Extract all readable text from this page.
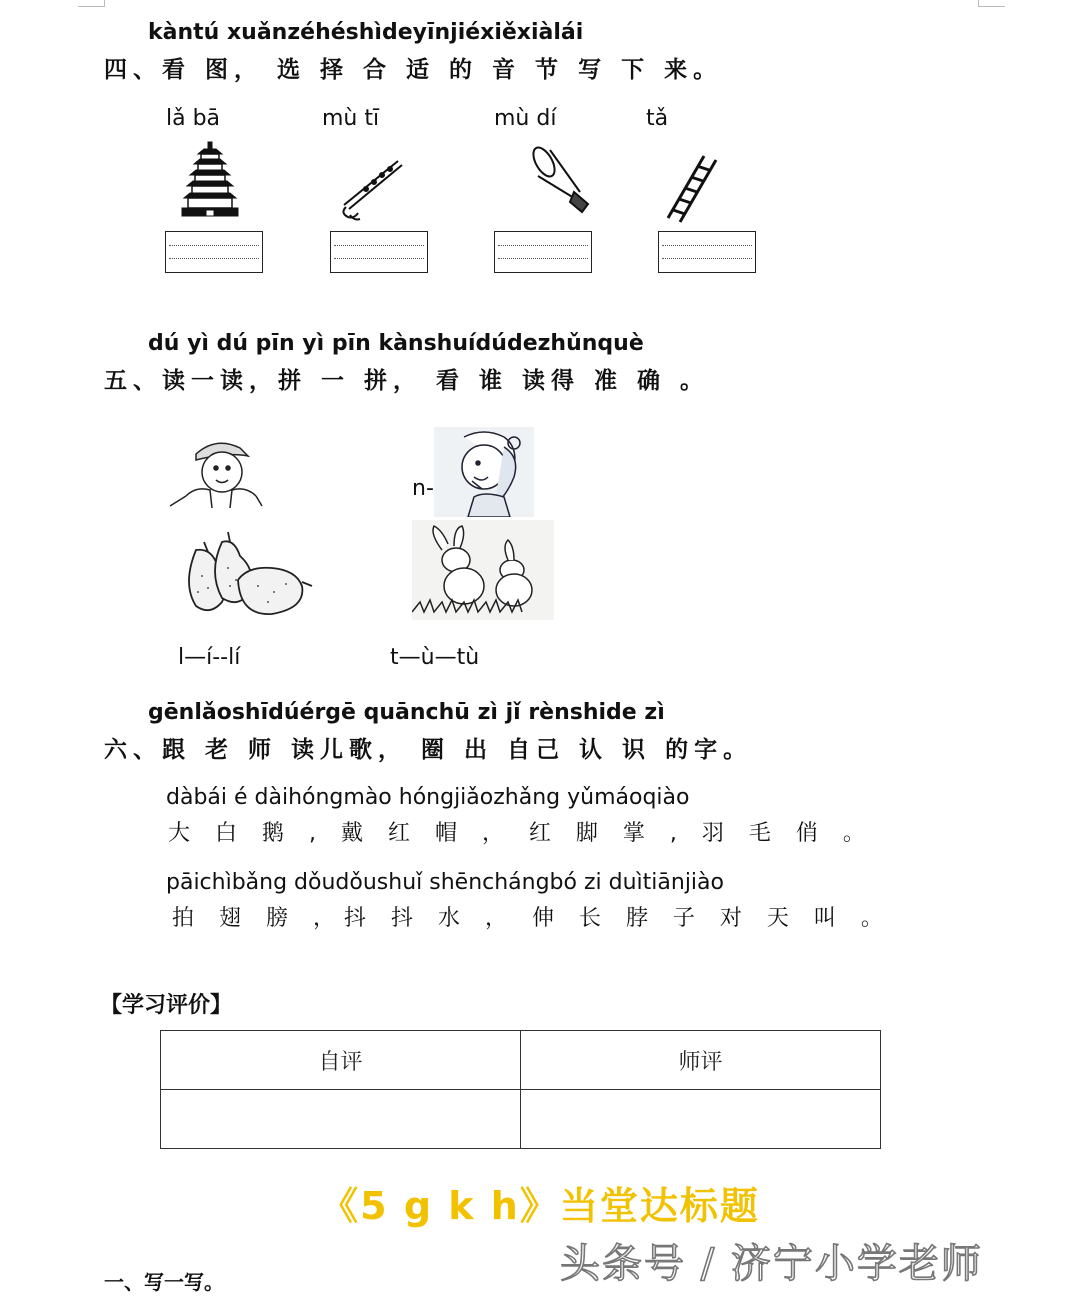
kàntú xuǎnzéhéshìdeyīnjiéxiěxiàlái
四、看 图， 选 择 合 适 的 音 节 写 下 来。
lǎ bā	mù tī	mù dí	tǎ
dú yì dú pīn yì pīn kànshuídúdezhǔnquè
五、读一读，拼 一 拼， 看 谁 读得 准 确 。
n-
l—í--lí	t—ù—tù
gēnlǎoshīdúérgē quānchū zì jǐ rènshide zì
六、跟 老 师 读儿歌， 圈 出 自己 认 识 的字。
dàbái é dàihóngmào hóngjiǎozhǎng yǔmáoqiào
大 白 鹅 , 戴 红 帽 ， 红 脚 掌 , 羽 毛 俏 。
pāichìbǎng dǒudǒushuǐ shēnchángbó zi duìtiānjiào
拍 翅 膀 ，抖 抖 水 ， 伸 长 脖 子 对 天 叫 。
【学习评价】
自评	师评

《5 g k h》当堂达标题
一、写一写。	头条号 / 济宁小学老师
